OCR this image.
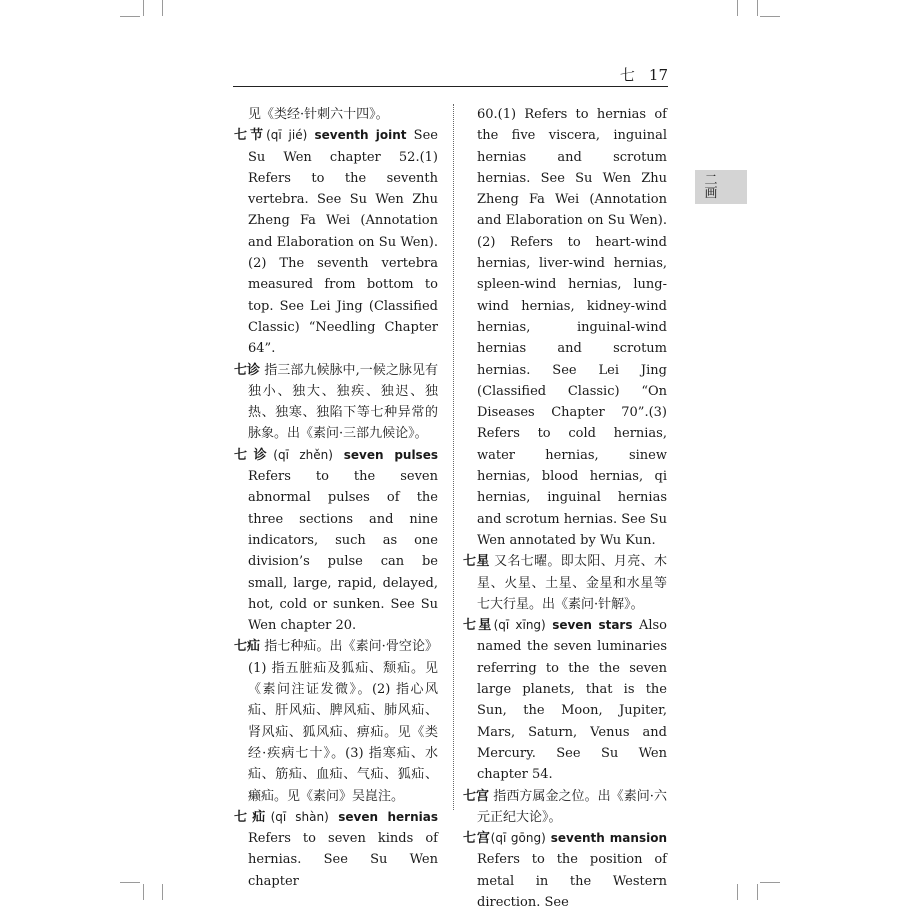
七 17
二画

见《类经·针刺六十四》。

七节(qī jié) seventh joint See Su Wen chapter 52.(1) Refers to the seventh vertebra. See Su Wen Zhu Zheng Fa Wei (Annotation and Elaboration on Su Wen).(2) The seventh vertebra measured from bottom to top. See Lei Jing (Classified Classic) “Needling Chapter 64”.

七诊 指三部九候脉中,一候之脉见有独小、独大、独疾、独迟、独热、独寒、独陷下等七种异常的脉象。出《素问·三部九候论》。

七诊(qī zhěn) seven pulses Refers to the seven abnormal pulses of the three sections and nine indicators, such as one division’s pulse can be small, large, rapid, delayed, hot, cold or sunken. See Su Wen chapter 20.

七疝 指七种疝。出《素问·骨空论》(1) 指五脏疝及狐疝、颓疝。见《素问注证发微》。(2) 指心风疝、肝风疝、脾风疝、肺风疝、肾风疝、狐风疝、痹疝。见《类经·疾病七十》。(3) 指寒疝、水疝、筋疝、血疝、气疝、狐疝、癞疝。见《素问》吴崑注。

七疝(qī shàn) seven hernias Refers to seven kinds of hernias. See Su Wen chapter

60.(1) Refers to hernias of the five viscera, inguinal hernias and scrotum hernias. See Su Wen Zhu Zheng Fa Wei (Annotation and Elaboration on Su Wen).(2) Refers to heart-wind hernias, liver-wind hernias, spleen-wind hernias, lung-wind hernias, kidney-wind hernias, inguinal-wind hernias and scrotum hernias. See Lei Jing (Classified Classic) “On Diseases Chapter 70”.(3) Refers to cold hernias, water hernias, sinew hernias, blood hernias, qi hernias, inguinal hernias and scrotum hernias. See Su Wen annotated by Wu Kun.

七星 又名七曜。即太阳、月亮、木星、火星、土星、金星和水星等七大行星。出《素问·针解》。

七星(qī xīng) seven stars Also named the seven luminaries referring to the the seven large planets, that is the Sun, the Moon, Jupiter, Mars, Saturn, Venus and Mercury. See Su Wen chapter 54.

七宫 指西方属金之位。出《素问·六元正纪大论》。

七宫(qī gōng) seventh mansion Refers to the position of metal in the Western direction. See
